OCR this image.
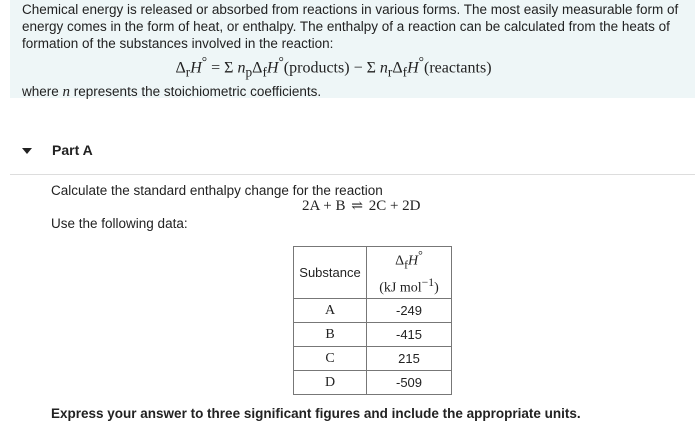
Chemical energy is released or absorbed from reactions in various forms. The most easily measurable form of energy comes in the form of heat, or enthalpy. The enthalpy of a reaction can be calculated from the heats of formation of the substances involved in the reaction:

$\Delta_rH^\circ = \Sigma$ $n_p\Delta_fH^\circ(products) - \Sigma$ $n_r\Delta_fH^\circ(reactants)$

where n represents the stoichiometric coefficients.

Part A
Calculate the standard enthalpy change for the reaction
2A + B ⇌ 2C + 2D
Use the following data:
Substance	$\Delta_fH^\circ$
(kJ mol$^{-1}$)
A	-249
B	-415
C	215
D	-509
Express your answer to three significant figures and include the appropriate units.
